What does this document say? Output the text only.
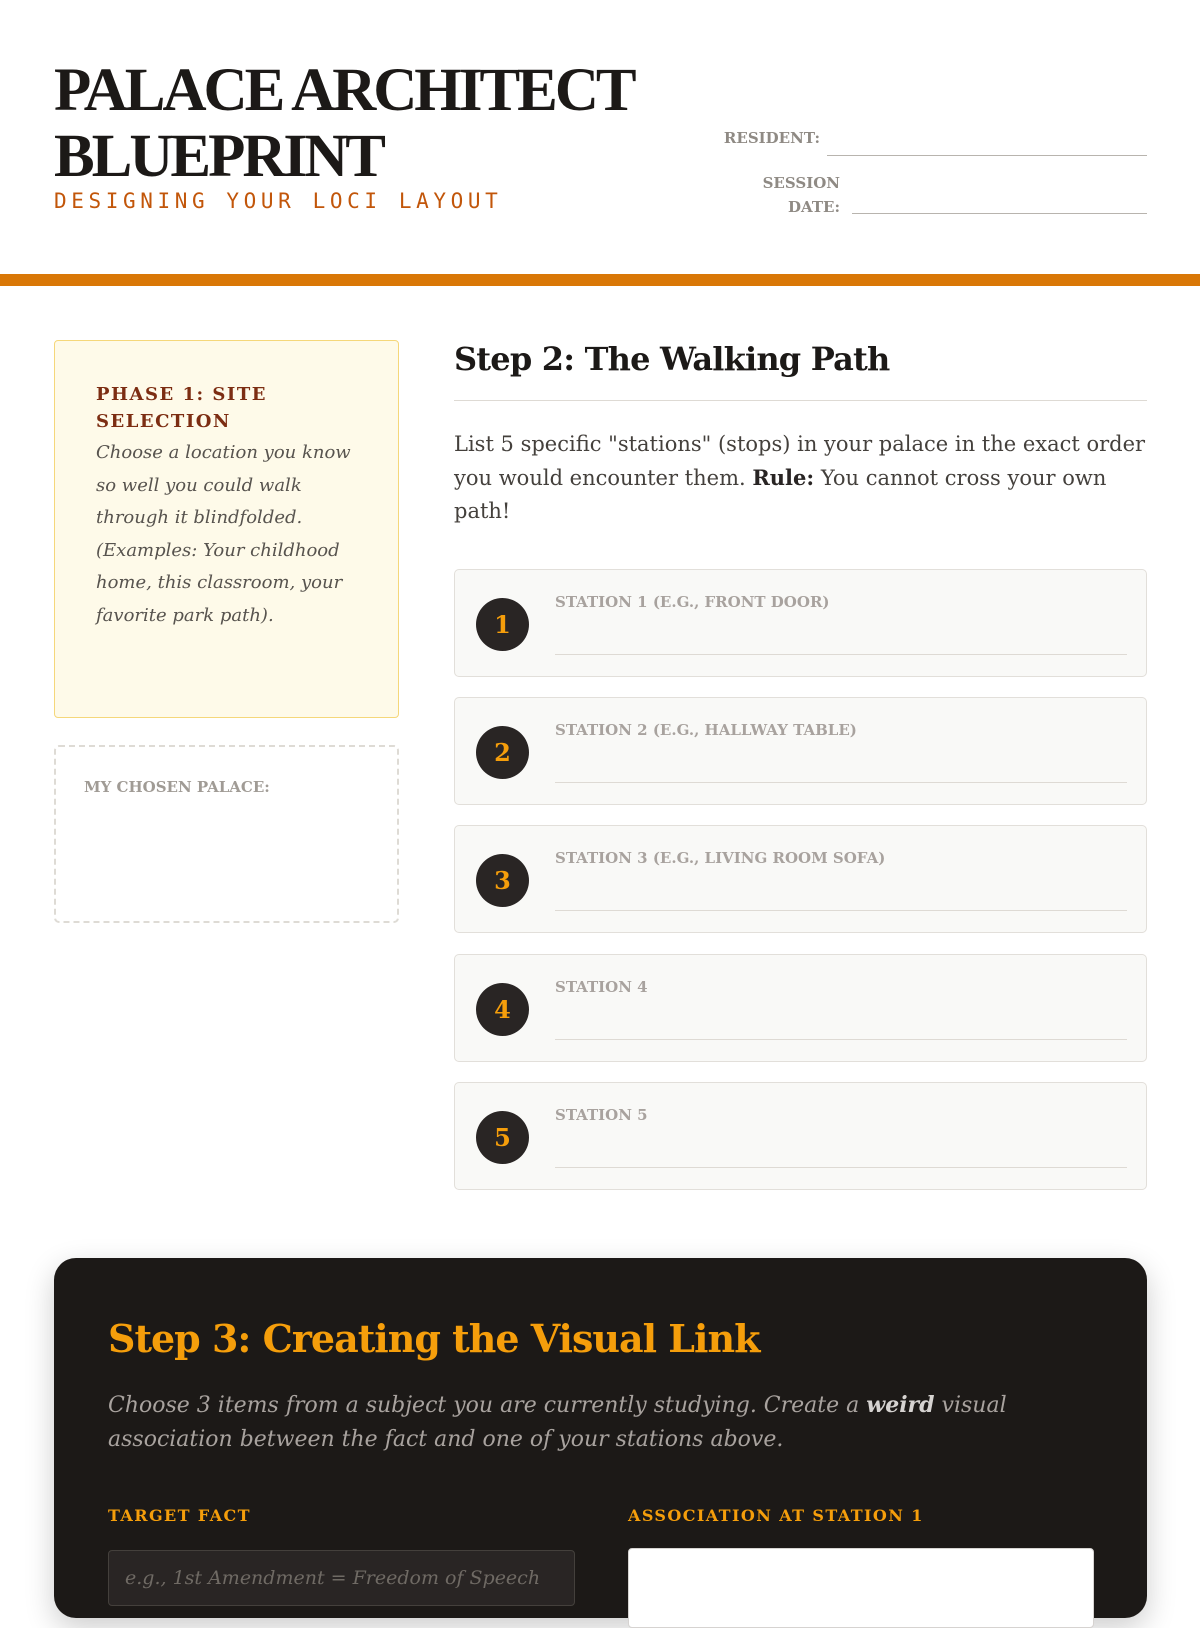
PALACE ARCHITECT
BLUEPRINT
DESIGNING YOUR LOCI LAYOUT
RESIDENT:
SESSION
DATE:
PHASE 1: SITE SELECTION

Choose a location you know so well you could walk through it blindfolded. (Examples: Your childhood home, this classroom, your favorite park path).

MY CHOSEN PALACE:
Step 2: The Walking Path

List 5 specific "stations" (stops) in your palace in the exact order you would encounter them. Rule: You cannot cross your own path!

1
STATION 1 (E.G., FRONT DOOR)
2
STATION 2 (E.G., HALLWAY TABLE)
3
STATION 3 (E.G., LIVING ROOM SOFA)
4
STATION 4
5
STATION 5
Step 3: Creating the Visual Link

Choose 3 items from a subject you are currently studying. Create a weird visual association between the fact and one of your stations above.

TARGET FACT	ASSOCIATION AT STATION 1
e.g., 1st Amendment = Freedom of Speech
